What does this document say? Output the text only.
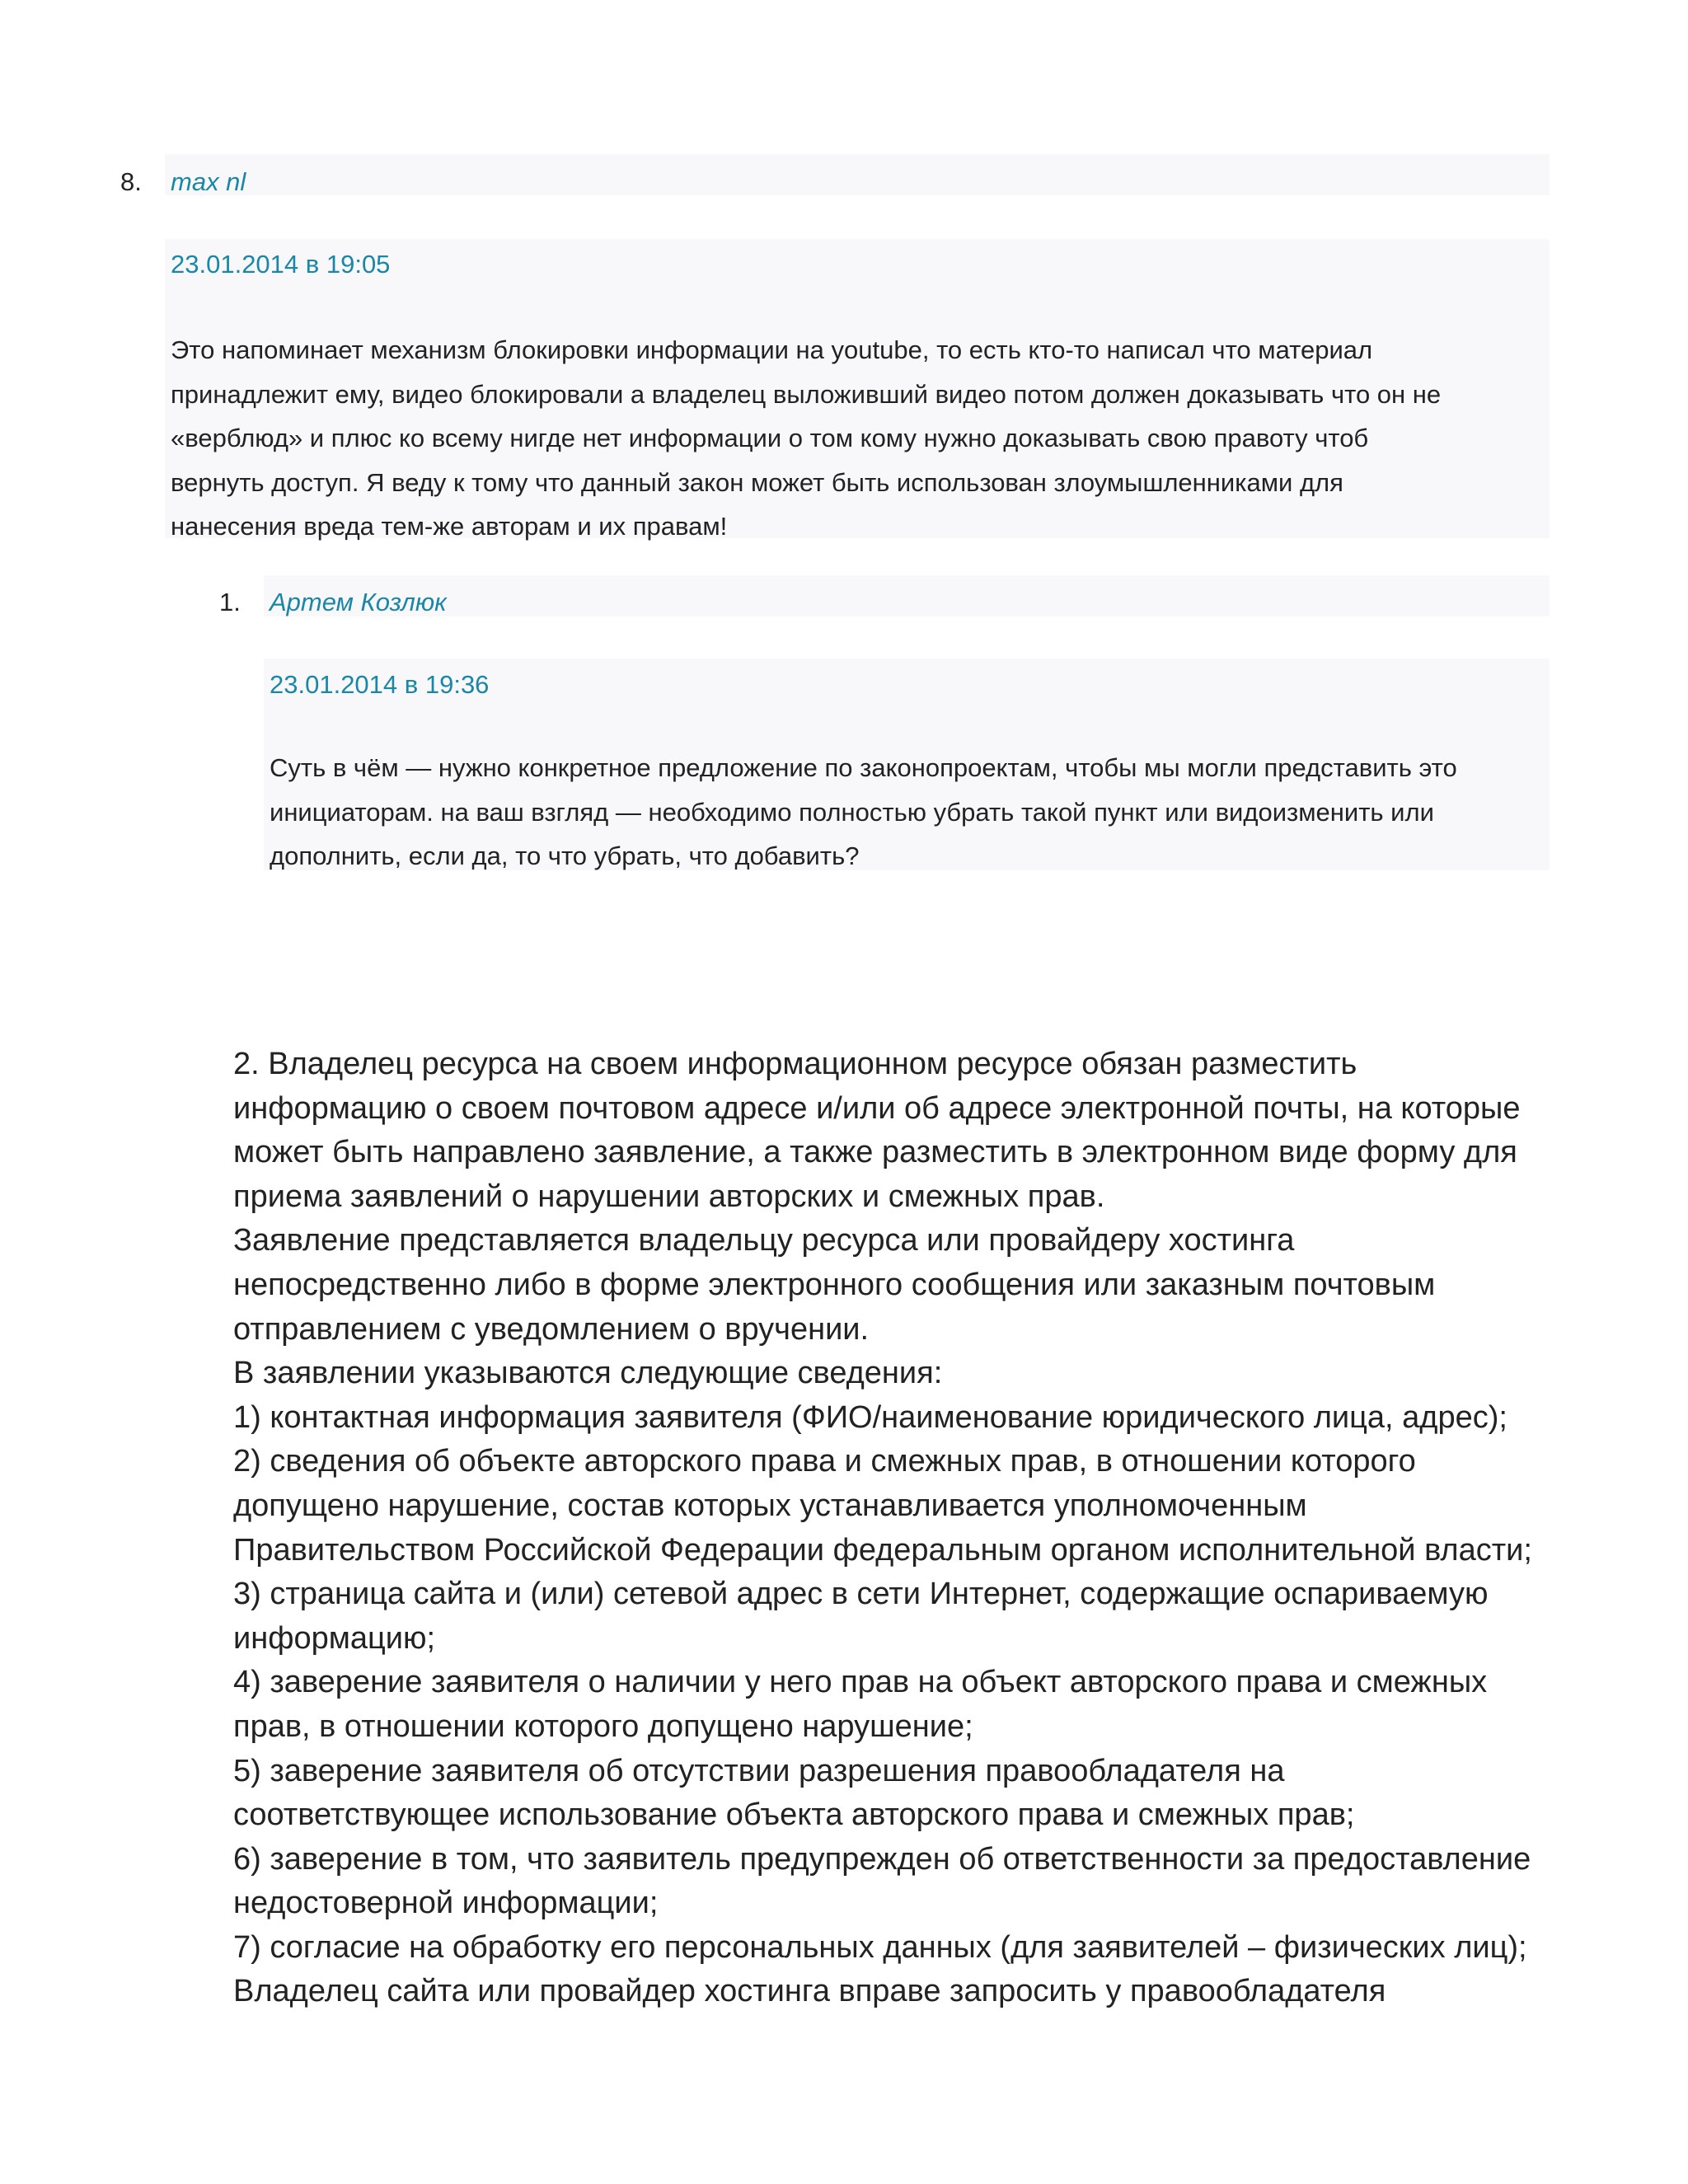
8. max nl
23.01.2014 в 19:05
Это напоминает механизм блокировки информации на youtube, то есть кто-то написал что материал
принадлежит ему, видео блокировали а владелец выложивший видео потом должен доказывать что он не
«верблюд» и плюс ко всему нигде нет информации о том кому нужно доказывать свою правоту чтоб
вернуть доступ. Я веду к тому что данный закон может быть использован злоумышленниками для
нанесения вреда тем-же авторам и их правам!
1. Артем Козлюк
23.01.2014 в 19:36
Суть в чём — нужно конкретное предложение по законопроектам, чтобы мы могли представить это
инициаторам. на ваш взгляд — необходимо полностью убрать такой пункт или видоизменить или
дополнить, если да, то что убрать, что добавить?
2. Владелец ресурса на своем информационном ресурсе обязан разместить
информацию о своем почтовом адресе и/или об адресе электронной почты, на которые
может быть направлено заявление, а также разместить в электронном виде форму для
приема заявлений о нарушении авторских и смежных прав.
Заявление представляется владельцу ресурса или провайдеру хостинга
непосредственно либо в форме электронного сообщения или заказным почтовым
отправлением с уведомлением о вручении.
В заявлении указываются следующие сведения:
1) контактная информация заявителя (ФИО/наименование юридического лица, адрес);
2) сведения об объекте авторского права и смежных прав, в отношении которого
допущено нарушение, состав которых устанавливается уполномоченным
Правительством Российской Федерации федеральным органом исполнительной власти;
3) страница сайта и (или) сетевой адрес в сети Интернет, содержащие оспариваемую
информацию;
4) заверение заявителя о наличии у него прав на объект авторского права и смежных
прав, в отношении которого допущено нарушение;
5) заверение заявителя об отсутствии разрешения правообладателя на
соответствующее использование объекта авторского права и смежных прав;
6) заверение в том, что заявитель предупрежден об ответственности за предоставление
недостоверной информации;
7) согласие на обработку его персональных данных (для заявителей – физических лиц);
Владелец сайта или провайдер хостинга вправе запросить у правообладателя
